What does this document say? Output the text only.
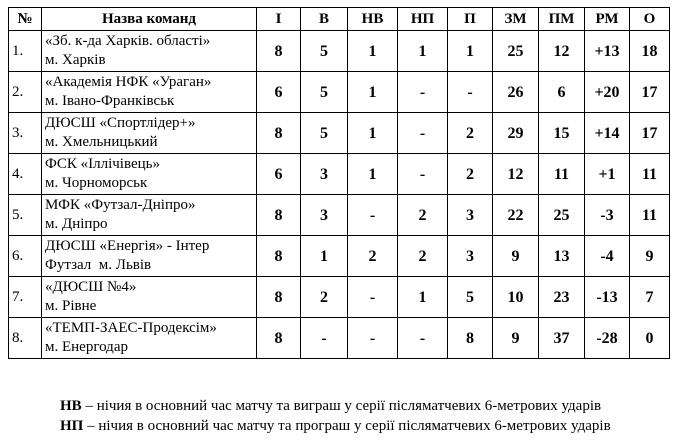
№	Назва команд	І	В	НВ	НП	П	ЗМ	ПМ	РМ	О
1.	«Зб. к-да Харків. області»
м. Харків	8	5	1	1	1	25	12	+13	18
2.	«Академія НФК «Ураган»
м. Івано-Франківськ	6	5	1	-	-	26	6	+20	17
3.	ДЮСШ «Спортлідер+»
м. Хмельницький	8	5	1	-	2	29	15	+14	17
4.	ФСК «Іллічівець»
м. Чорноморськ	6	3	1	-	2	12	11	+1	11
5.	МФК «Футзал-Дніпро»
м. Дніпро	8	3	-	2	3	22	25	-3	11
6.	ДЮСШ «Енергія» - Інтер
Футзал  м. Львів	8	1	2	2	3	9	13	-4	9
7.	«ДЮСШ №4»
м. Рівне	8	2	-	1	5	10	23	-13	7
8.	«ТЕМП-ЗАЕС-Продексім»
м. Енергодар	8	-	-	-	8	9	37	-28	0
НВ – нічия в основний час матчу та виграш у серії післяматчевих 6-метрових ударів
НП – нічия в основний час матчу та програш у серії післяматчевих 6-метрових ударів
